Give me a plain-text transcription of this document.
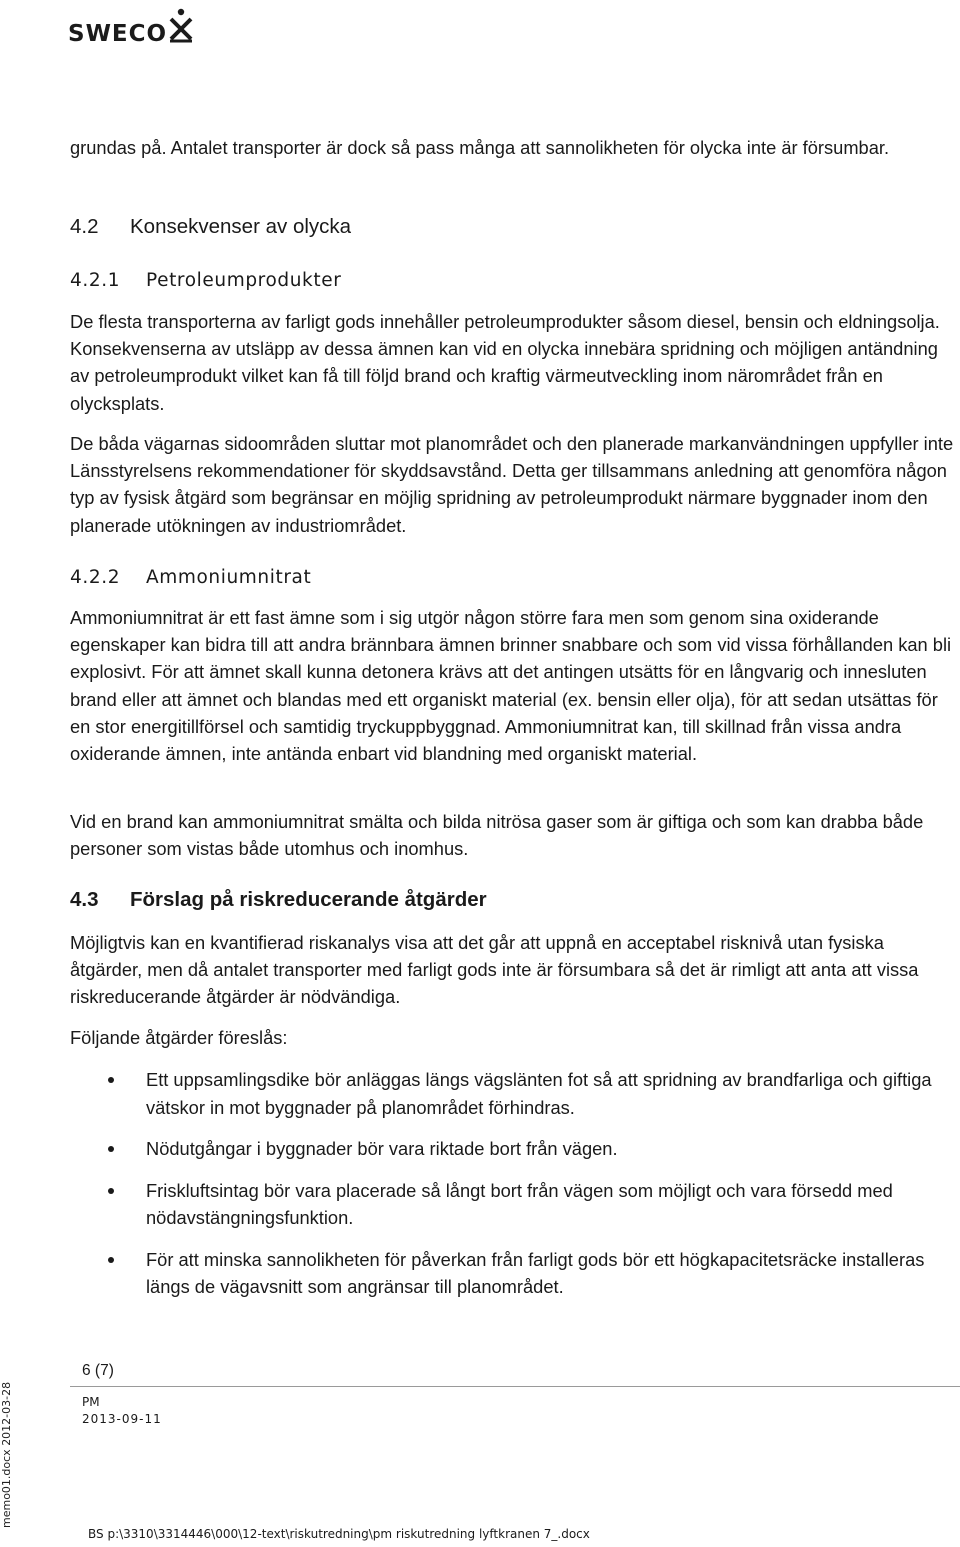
SWECO

grundas på. Antalet transporter är dock så pass många att sannolikheten för olycka inte är försumbar.

4.2 Konsekvenser av olycka
4.2.1 Petroleumprodukter
De flesta transporterna av farligt gods innehåller petroleumprodukter såsom diesel, bensin och eldningsolja. Konsekvenserna av utsläpp av dessa ämnen kan vid en olycka innebära spridning och möjligen antändning av petroleumprodukt vilket kan få till följd brand och kraftig värmeutveckling inom närområdet från en olycksplats.
De båda vägarnas sidoområden sluttar mot planområdet och den planerade markanvändningen uppfyller inte Länsstyrelsens rekommendationer för skyddsavstånd. Detta ger tillsammans anledning att genomföra någon typ av fysisk åtgärd som begränsar en möjlig spridning av petroleumprodukt närmare byggnader inom den planerade utökningen av industriområdet.
4.2.2 Ammoniumnitrat
Ammoniumnitrat är ett fast ämne som i sig utgör någon större fara men som genom sina oxiderande egenskaper kan bidra till att andra brännbara ämnen brinner snabbare och som vid vissa förhållanden kan bli explosivt. För att ämnet skall kunna detonera krävs att det antingen utsätts för en långvarig och innesluten brand eller att ämnet och blandas med ett organiskt material (ex. bensin eller olja), för att sedan utsättas för en stor energitillförsel och samtidig tryckuppbyggnad. Ammoniumnitrat kan, till skillnad från vissa andra oxiderande ämnen, inte antända enbart vid blandning med organiskt material.
Vid en brand kan ammoniumnitrat smälta och bilda nitrösa gaser som är giftiga och som kan drabba både personer som vistas både utomhus och inomhus.
4.3 Förslag på riskreducerande åtgärder
Möjligtvis kan en kvantifierad riskanalys visa att det går att uppnå en acceptabel risknivå utan fysiska åtgärder, men då antalet transporter med farligt gods inte är försumbara så det är rimligt att anta att vissa riskreducerande åtgärder är nödvändiga.
Följande åtgärder föreslås:
Ett uppsamlingsdike bör anläggas längs vägslänten fot så att spridning av brandfarliga och giftiga vätskor in mot byggnader på planområdet förhindras.
Nödutgångar i byggnader bör vara riktade bort från vägen.
Friskluftsintag bör vara placerade så långt bort från vägen som möjligt och vara försedd med nödavstängningsfunktion.
För att minska sannolikheten för påverkan från farligt gods bör ett högkapacitetsräcke installeras längs de vägavsnitt som angränsar till planområdet.
6 (7)
PM
2013-09-11
BS p:\3310\3314446\000\12-text\riskutredning\pm riskutredning lyftkranen 7_.docx
memo01.docx 2012-03-28
